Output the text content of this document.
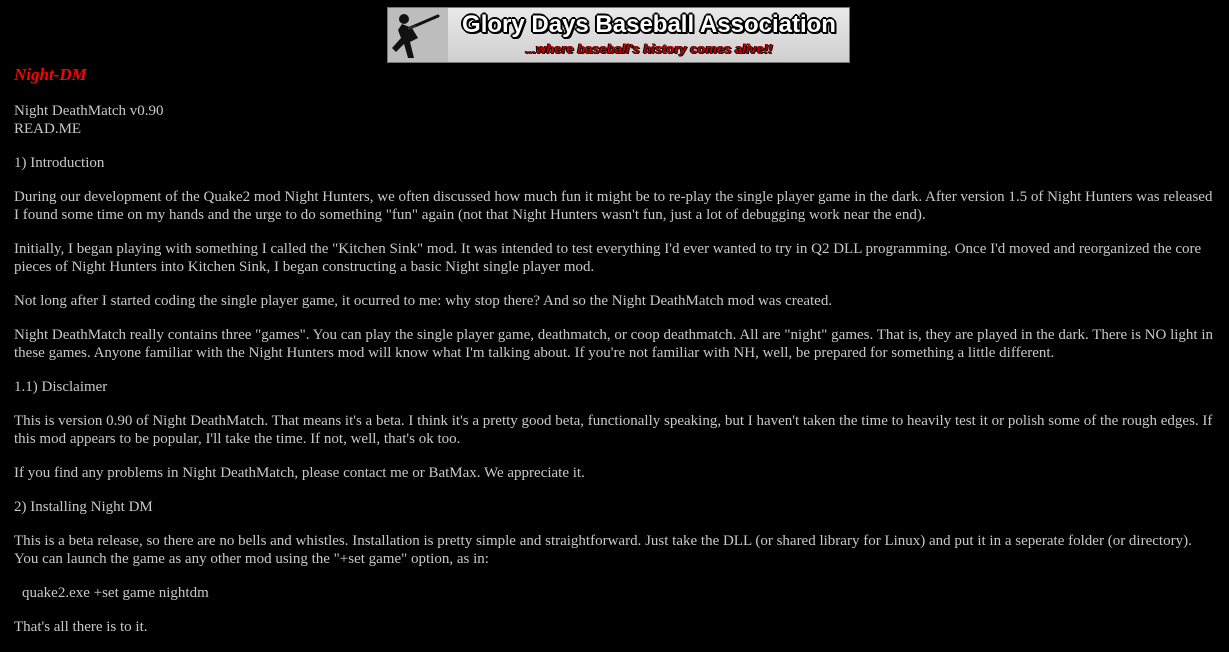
Glory Days Baseball Association
...where baseball's history comes alive!!
Night-DM

Night DeathMatch v0.90
READ.ME

1) Introduction

During our development of the Quake2 mod Night Hunters, we often discussed how much fun it might be to re-play the single player game in the dark. After version 1.5 of Night Hunters was released I found some time on my hands and the urge to do something "fun" again (not that Night Hunters wasn't fun, just a lot of debugging work near the end).

Initially, I began playing with something I called the "Kitchen Sink" mod. It was intended to test everything I'd ever wanted to try in Q2 DLL programming. Once I'd moved and reorganized the core pieces of Night Hunters into Kitchen Sink, I began constructing a basic Night single player mod.

Not long after I started coding the single player game, it ocurred to me: why stop there? And so the Night DeathMatch mod was created.

Night DeathMatch really contains three "games". You can play the single player game, deathmatch, or coop deathmatch. All are "night" games. That is, they are played in the dark. There is NO light in these games. Anyone familiar with the Night Hunters mod will know what I'm talking about. If you're not familiar with NH, well, be prepared for something a little different.

1.1) Disclaimer

This is version 0.90 of Night DeathMatch. That means it's a beta. I think it's a pretty good beta, functionally speaking, but I haven't taken the time to heavily test it or polish some of the rough edges. If this mod appears to be popular, I'll take the time. If not, well, that's ok too.

If you find any problems in Night DeathMatch, please contact me or BatMax. We appreciate it.

2) Installing Night DM

This is a beta release, so there are no bells and whistles. Installation is pretty simple and straightforward. Just take the DLL (or shared library for Linux) and put it in a seperate folder (or directory). You can launch the game as any other mod using the "+set game" option, as in:

quake2.exe +set game nightdm

That's all there is to it.
